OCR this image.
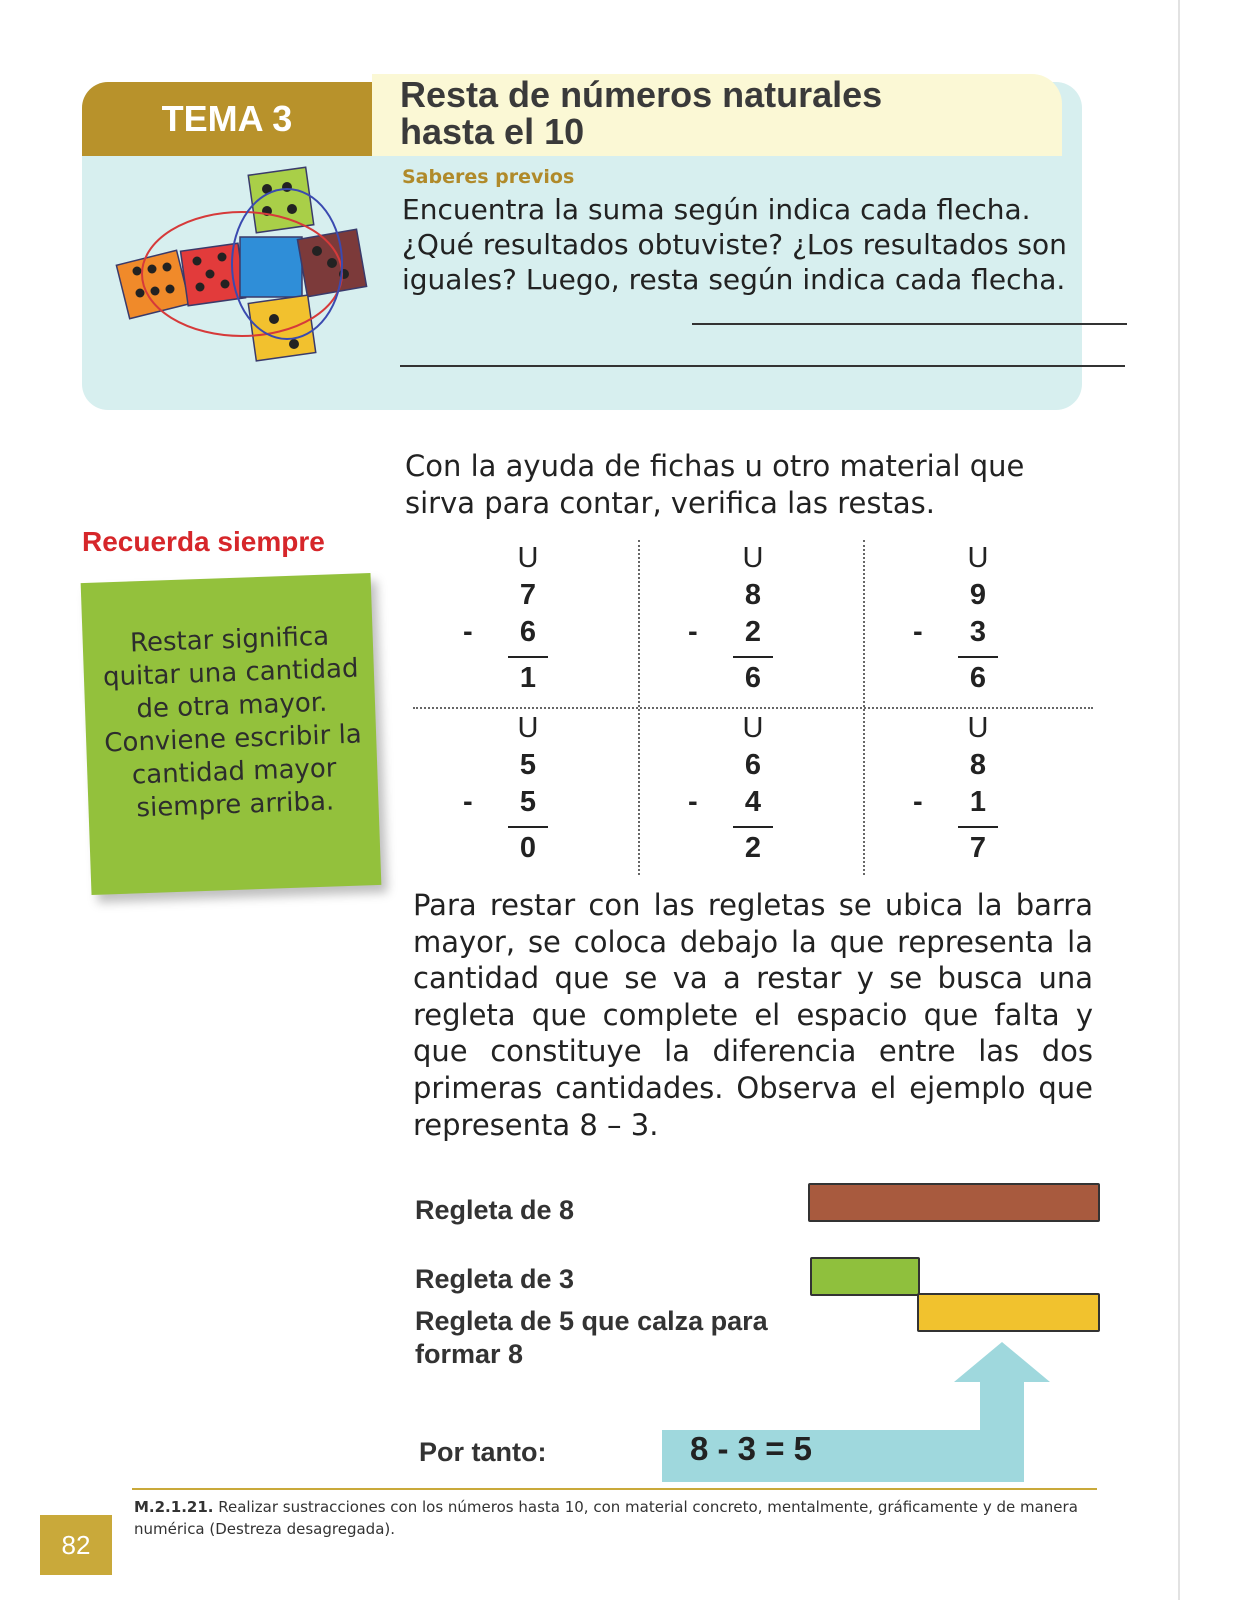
TEMA 3
Resta de números naturales
hasta el 10
Saberes previos
Encuentra la suma según indica cada flecha. ¿Qué resultados obtuviste? ¿Los resultados son iguales? Luego, resta según indica cada flecha.
Recuerda siempre
Restar significa quitar una cantidad de otra mayor. Conviene escribir la cantidad mayor siempre arriba.
Con la ayuda de fichas u otro material que sirva para contar, verifica las restas.
U
7
- 6
1
U
8
- 2
6
U
9
- 3
6
U
5
- 5
0
U
6
- 4
2
U
8
- 1
7
Para restar con las regletas se ubica la barra mayor, se coloca debajo la que representa la cantidad que se va a restar y se busca una regleta que complete el espacio que falta y que constituye la diferencia entre las dos primeras cantidades. Observa el ejemplo que representa 8 – 3.
Regleta de 8
Regleta de 3
Regleta de 5 que calza para
formar 8
Por tanto:	8 - 3 = 5
M.2.1.21. Realizar sustracciones con los números hasta 10, con material concreto, mentalmente, gráficamente y de manera numérica (Destreza desagregada).
82
